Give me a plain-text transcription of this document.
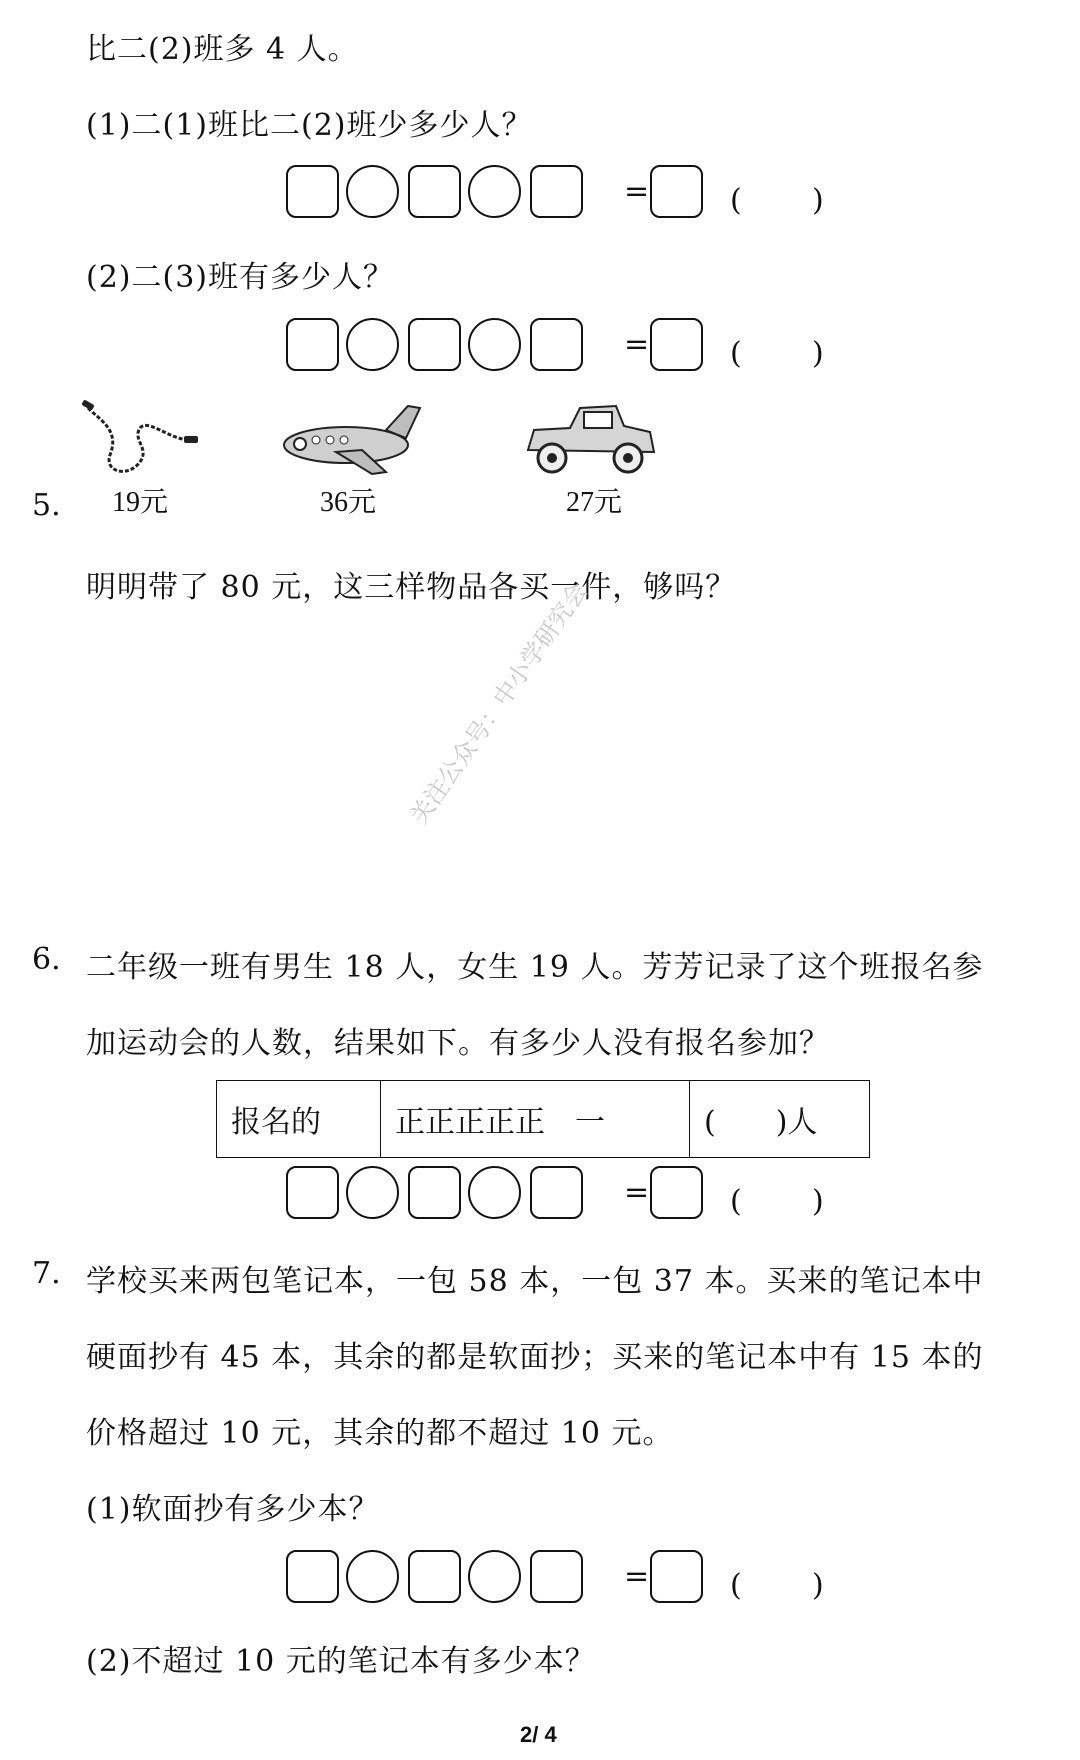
比二(2)班多 4 人。
(1)二(1)班比二(2)班少多少人？
=	( )
(2)二(3)班有多少人？
=	( )
5. 19元	36元	27元
明明带了 80 元，这三样物品各买一件，够吗？
关注公众号：中小学研究会
6. 二年级一班有男生 18 人，女生 19 人。芳芳记录了这个班报名参
加运动会的人数，结果如下。有多少人没有报名参加？
报名的	正正正正正　一	(　　)人
=	( )
7. 学校买来两包笔记本，一包 58 本，一包 37 本。买来的笔记本中
硬面抄有 45 本，其余的都是软面抄；买来的笔记本中有 15 本的
价格超过 10 元，其余的都不超过 10 元。
(1)软面抄有多少本？
=	( )
(2)不超过 10 元的笔记本有多少本？
2/ 4
